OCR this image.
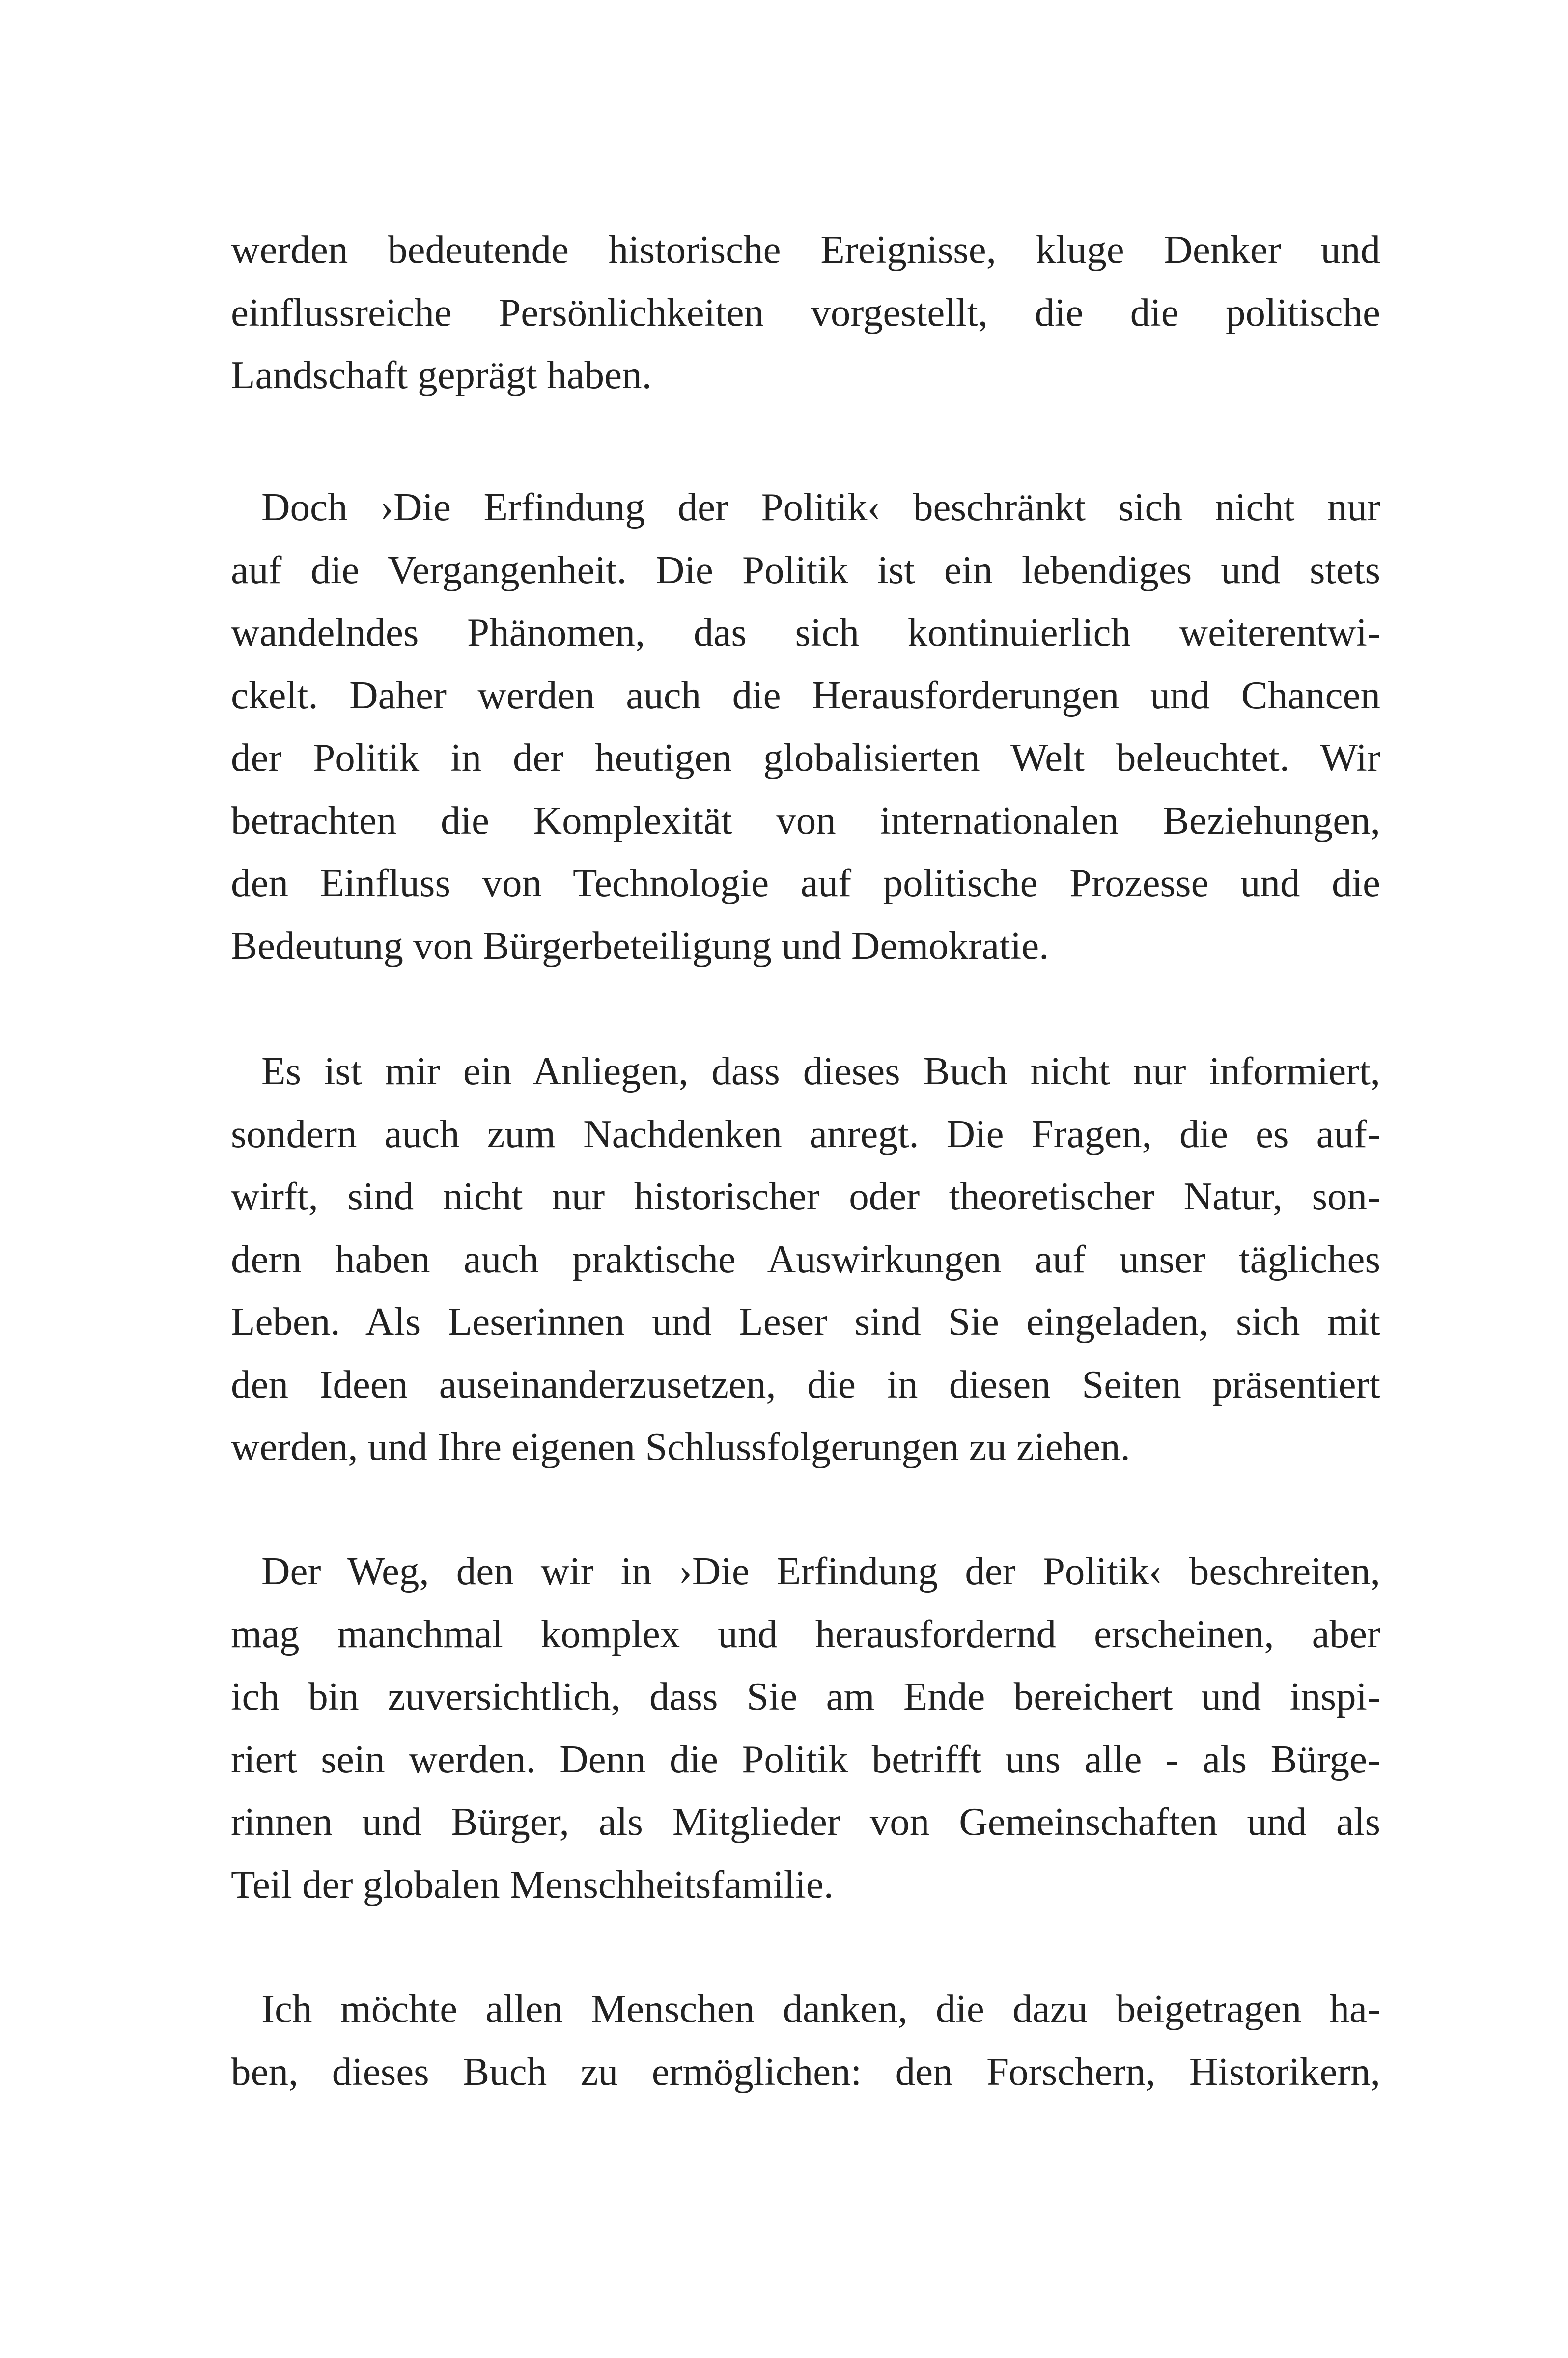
werden bedeutende historische Ereignisse, kluge Denker und
einflussreiche Persönlichkeiten vorgestellt, die die politische
Landschaft geprägt haben.
Doch ›Die Erfindung der Politik‹ beschränkt sich nicht nur
auf die Vergangenheit. Die Politik ist ein lebendiges und stets
wandelndes Phänomen, das sich kontinuierlich weiterentwi-
ckelt. Daher werden auch die Herausforderungen und Chancen
der Politik in der heutigen globalisierten Welt beleuchtet. Wir
betrachten die Komplexität von internationalen Beziehungen,
den Einfluss von Technologie auf politische Prozesse und die
Bedeutung von Bürgerbeteiligung und Demokratie.
Es ist mir ein Anliegen, dass dieses Buch nicht nur informiert,
sondern auch zum Nachdenken anregt. Die Fragen, die es auf-
wirft, sind nicht nur historischer oder theoretischer Natur, son-
dern haben auch praktische Auswirkungen auf unser tägliches
Leben. Als Leserinnen und Leser sind Sie eingeladen, sich mit
den Ideen auseinanderzusetzen, die in diesen Seiten präsentiert
werden, und Ihre eigenen Schlussfolgerungen zu ziehen.
Der Weg, den wir in ›Die Erfindung der Politik‹ beschreiten,
mag manchmal komplex und herausfordernd erscheinen, aber
ich bin zuversichtlich, dass Sie am Ende bereichert und inspi-
riert sein werden. Denn die Politik betrifft uns alle - als Bürge-
rinnen und Bürger, als Mitglieder von Gemeinschaften und als
Teil der globalen Menschheitsfamilie.
Ich möchte allen Menschen danken, die dazu beigetragen ha-
ben, dieses Buch zu ermöglichen: den Forschern, Historikern,
